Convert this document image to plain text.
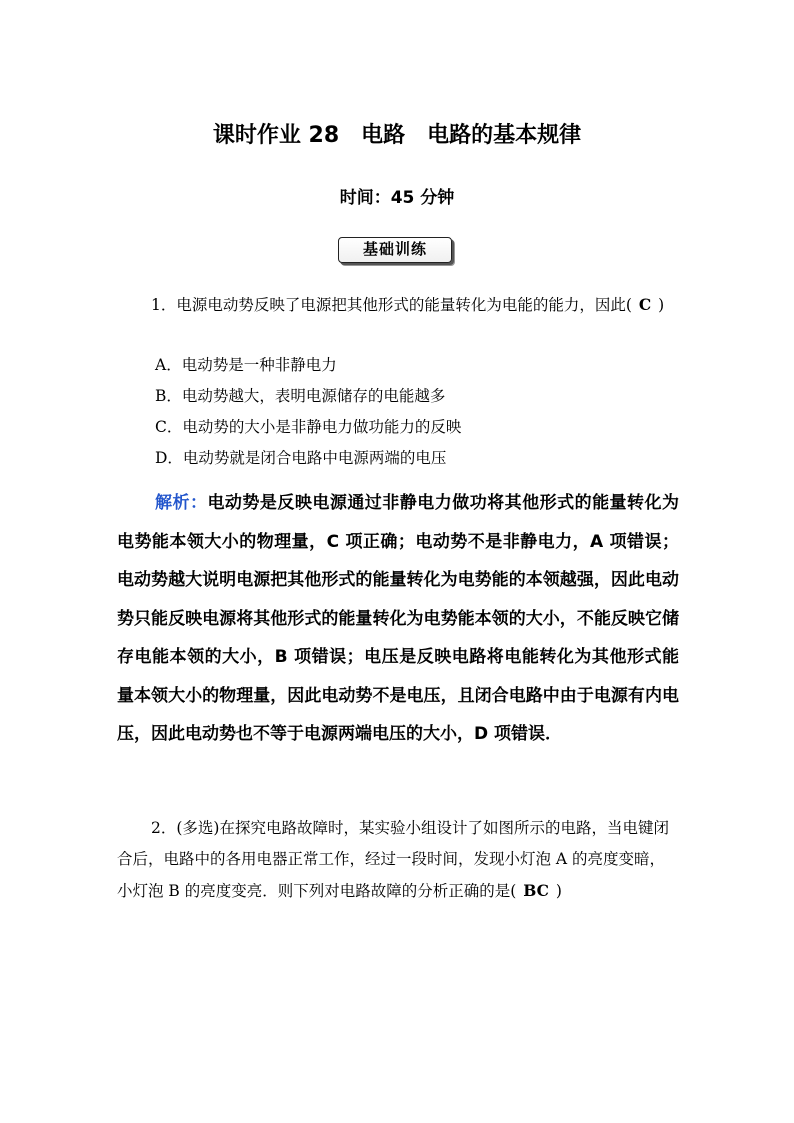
课时作业 28　电路　电路的基本规律
时间：45 分钟
基础训练
1．电源电动势反映了电源把其他形式的能量转化为电能的能力，因此( C )
A．电动势是一种非静电力
B．电动势越大，表明电源储存的电能越多
C．电动势的大小是非静电力做功能力的反映
D．电动势就是闭合电路中电源两端的电压
解析：电动势是反映电源通过非静电力做功将其他形式的能量转化为电势能本领大小的物理量，C 项正确；电动势不是非静电力，A 项错误；电动势越大说明电源把其他形式的能量转化为电势能的本领越强，因此电动势只能反映电源将其他形式的能量转化为电势能本领的大小，不能反映它储存电能本领的大小，B 项错误；电压是反映电路将电能转化为其他形式能量本领大小的物理量，因此电动势不是电压，且闭合电路中由于电源有内电压，因此电动势也不等于电源两端电压的大小，D 项错误．
2．(多选)在探究电路故障时，某实验小组设计了如图所示的电路，当电键闭合后，电路中的各用电器正常工作，经过一段时间，发现小灯泡 A 的亮度变暗，小灯泡 B 的亮度变亮．则下列对电路故障的分析正确的是( BC )
